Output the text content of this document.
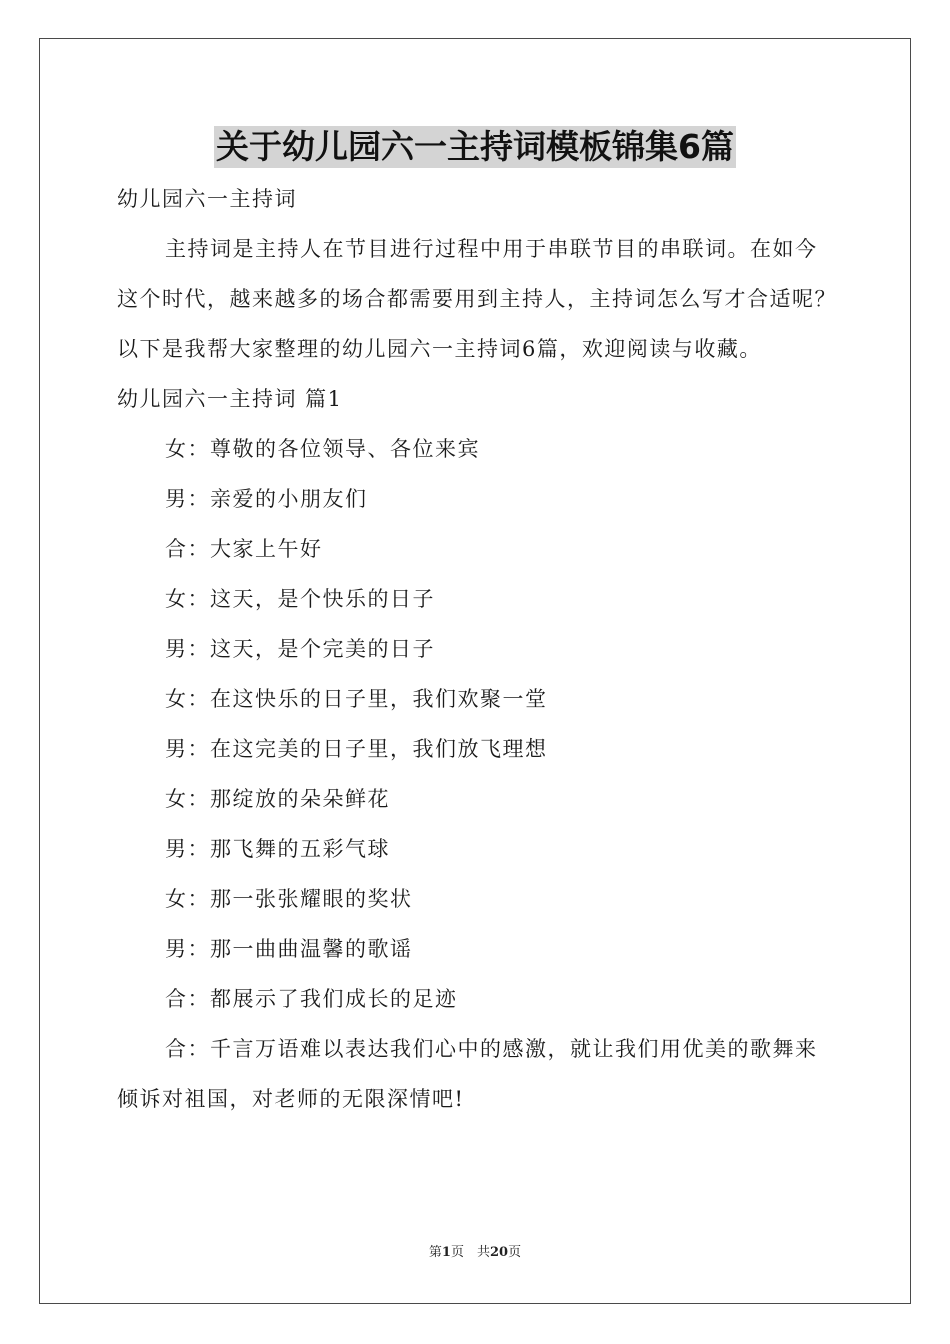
关于幼儿园六一主持词模板锦集6篇

幼儿园六一主持词

主持词是主持人在节目进行过程中用于串联节目的串联词。在如今这个时代，越来越多的场合都需要用到主持人，主持词怎么写才合适呢？以下是我帮大家整理的幼儿园六一主持词6篇，欢迎阅读与收藏。

幼儿园六一主持词 篇1

女：尊敬的各位领导、各位来宾

男：亲爱的小朋友们

合：大家上午好

女：这天，是个快乐的日子

男：这天，是个完美的日子

女：在这快乐的日子里，我们欢聚一堂

男：在这完美的日子里，我们放飞理想

女：那绽放的朵朵鲜花

男：那飞舞的五彩气球

女：那一张张耀眼的奖状

男：那一曲曲温馨的歌谣

合：都展示了我们成长的足迹

合：千言万语难以表达我们心中的感激，就让我们用优美的歌舞来倾诉对祖国，对老师的无限深情吧!

第1页　共20页
